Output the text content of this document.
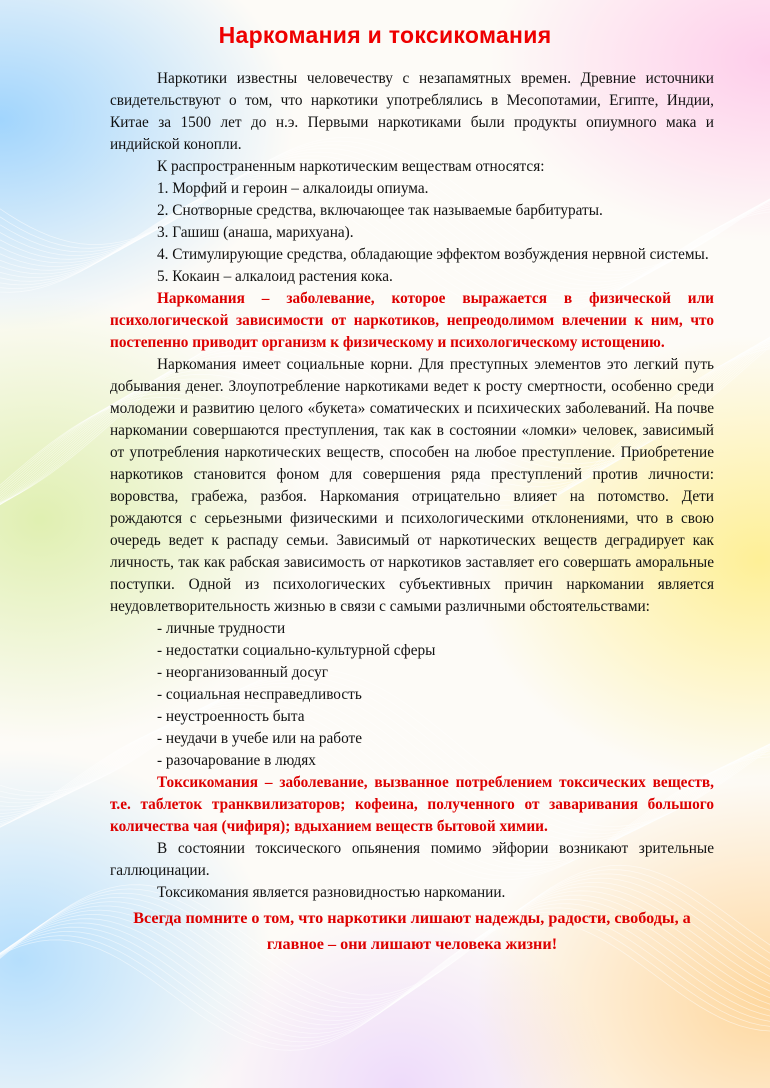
Наркомания и токсикомания

Наркотики известны человечеству с незапамятных времен. Древние источники свидетельствуют о том, что наркотики употреблялись в Месопотамии, Египте, Индии, Китае за 1500 лет до н.э. Первыми наркотиками были продукты опиумного мака и индийской конопли.

К распространенным наркотическим веществам относятся:

1. Морфий и героин – алкалоиды опиума.

2. Снотворные средства, включающее так называемые барбитураты.

3. Гашиш (анаша, марихуана).

4. Стимулирующие средства, обладающие эффектом возбуждения нервной системы.

5. Кокаин – алкалоид растения кока.

Наркомания – заболевание, которое выражается в физической или психологической зависимости от наркотиков, непреодолимом влечении к ним, что постепенно приводит организм к физическому и психологическому истощению.

Наркомания имеет социальные корни. Для преступных элементов это легкий путь добывания денег. Злоупотребление наркотиками ведет к росту смертности, особенно среди молодежи и развитию целого «букета» соматических и психических заболеваний. На почве наркомании совершаются преступления, так как в состоянии «ломки» человек, зависимый от употребления наркотических веществ, способен на любое преступление. Приобретение наркотиков становится фоном для совершения ряда преступлений против личности: воровства, грабежа, разбоя. Наркомания отрицательно влияет на потомство. Дети рождаются с серьезными физическими и психологическими отклонениями, что в свою очередь ведет к распаду семьи. Зависимый от наркотических веществ деградирует как личность, так как рабская зависимость от наркотиков заставляет его совершать аморальные поступки. Одной из психологических субъективных причин наркомании является неудовлетворительность жизнью в связи с самыми различными обстоятельствами:

- личные трудности

- недостатки социально-культурной сферы

- неорганизованный досуг

- социальная несправедливость

- неустроенность быта

- неудачи в учебе или на работе

- разочарование в людях

Токсикомания – заболевание, вызванное потреблением токсических веществ, т.е. таблеток транквилизаторов; кофеина, полученного от заваривания большого количества чая (чифиря); вдыханием веществ бытовой химии.

В состоянии токсического опьянения помимо эйфории возникают зрительные галлюцинации.

Токсикомания является разновидностью наркомании.

Всегда помните о том, что наркотики лишают надежды, радости, свободы, а главное – они лишают человека жизни!
